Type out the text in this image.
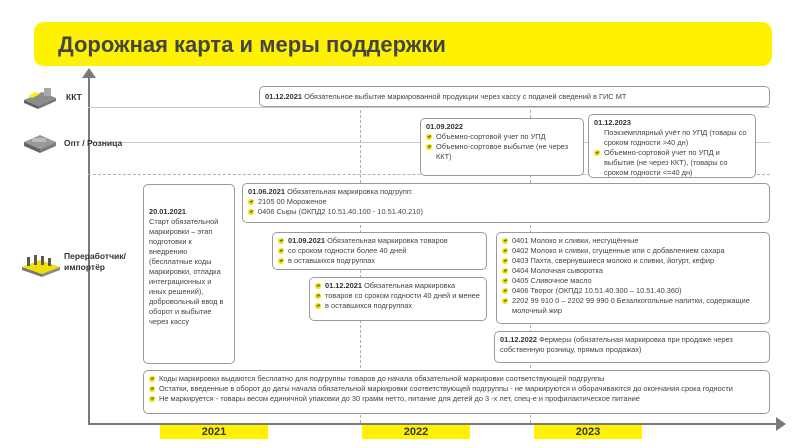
Дорожная карта и меры поддержки
ККТ
Опт / Розница
Переработчик/
импортёр
01.12.2021 Обязательное выбытие маркированной продукции через кассу с подачей сведений в ГИС МТ
01.09.2022
Объемно-сортовой учет по УПД
Объемно-сортовое выбытие (не через ККТ)
01.12.2023
Поэкземплярный учёт по УПД (товары со сроком годности >40 дн)
Объемно-сортовой учет по УПД и выбытие (не через ККТ), (товары со сроком годности <=40 дн)
20.01.2021
Старт обязательной маркировки – этап подготовки к внедрению (бесплатные коды маркировки, отладка интеграционных и иных решений), добровольный ввод в оборот и выбытие через кассу
01.06.2021 Обязательная маркировка подгрупп:
2105 00 Мороженое
0406 Сыры (ОКПД2 10.51.40.100 - 10.51.40.210)
01.09.2021 Обязательная маркировка товаров
со сроком годности более 40 дней
в оставшихся подгруппах
01.12.2021 Обязательная маркировка
товаров со сроком годности 40 дней и менее
в оставшихся подгруппах
0401 Молоко и сливки, несгущённые
0402 Молоко и сливки, сгущенные или с добавлением сахара
0403 Пахта, свернувшиеся молоко и сливки, йогурт, кефир
0404 Молочная сыворотка
0405 Сливочное масло
0406 Творог (ОКПД2 10.51.40.300 – 10.51.40.360)
2202 99 910 0 – 2202 99 990 0 Безалкогольные напитки, содержащие молочный жир
01.12.2022 Фермеры (обязательная маркировка при продаже через собственную розницу, прямых продажах)
Коды маркировки выдаются бесплатно для подгруппы товаров до начала обязательной маркировки соответствующей подгруппы
Остатки, введенные в оборот до даты начала обязательной маркировки соответствующей подгруппы - не маркируются и оборачиваются до окончания срока годности
Не маркируется - товары весом единичной упаковки до 30 грамм нетто, питание для детей до 3 -х лет, спец-е и профилактическое питание
2021	2022	2023
